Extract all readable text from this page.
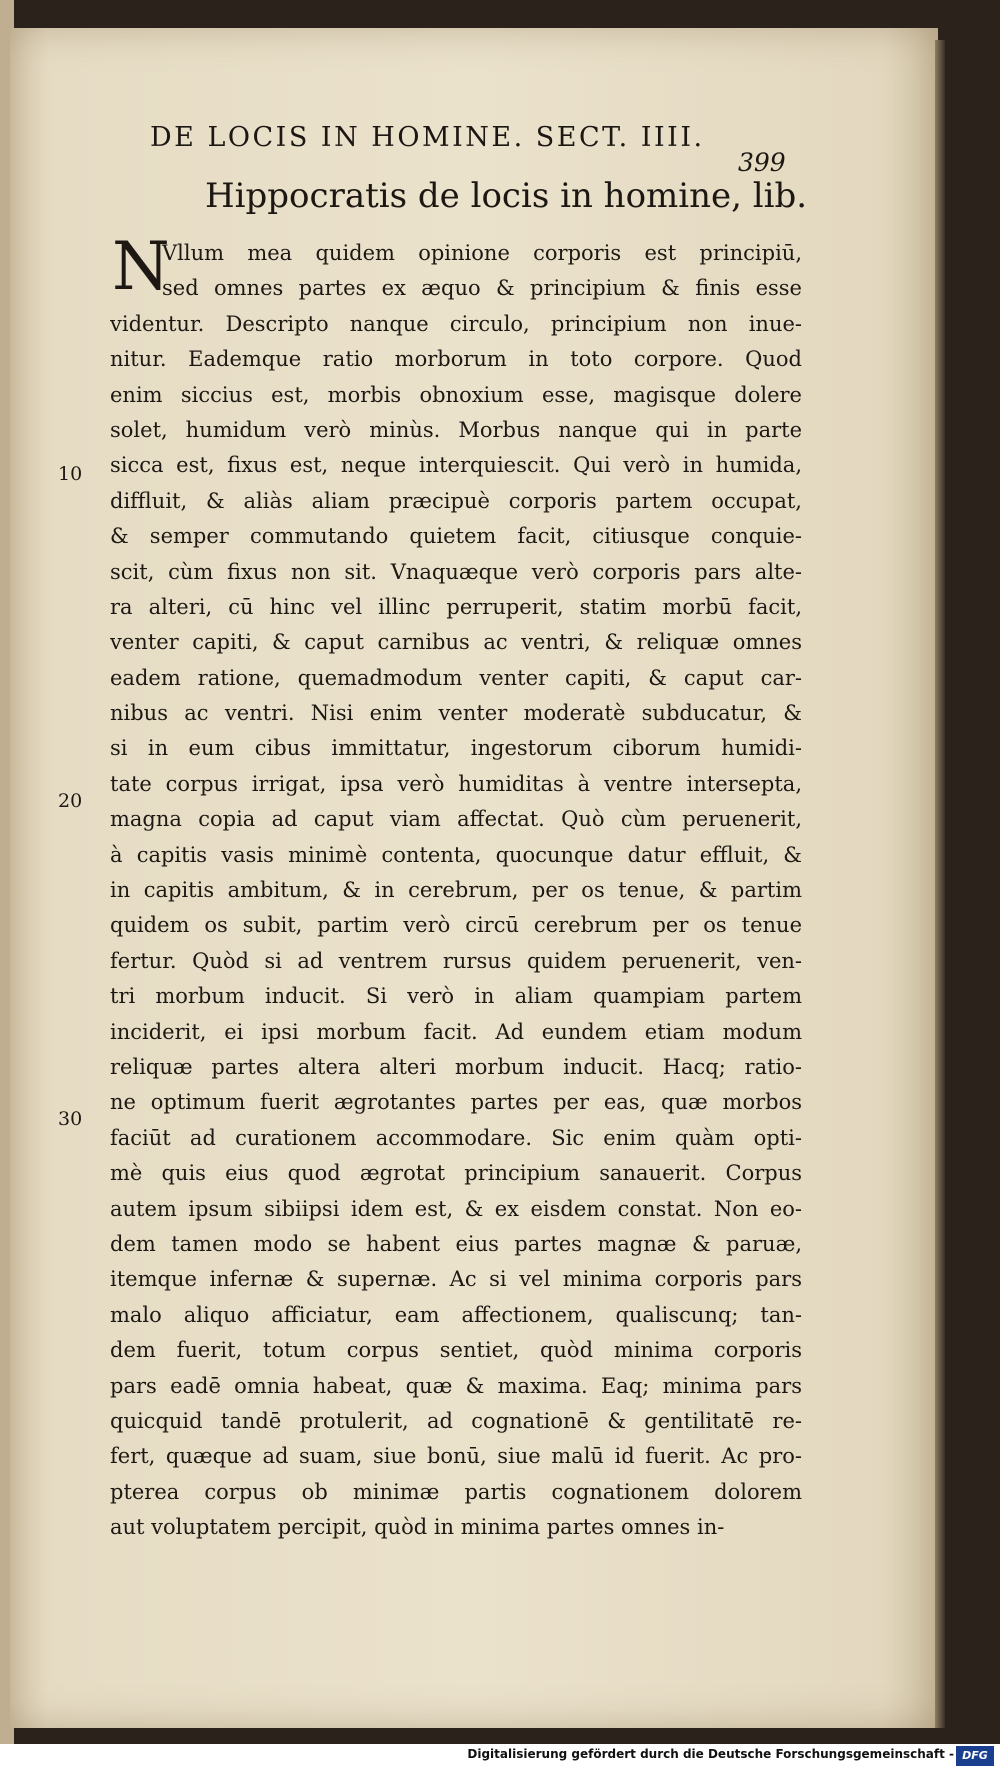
DE LOCIS IN HOMINE. SECT. IIII.
399
Hippocratis de locis in homine, lib.
N
Vllum mea quidem opinione corporis est principiū,
sed omnes partes ex æquo & principium & finis esse
videntur. Descripto nanque circulo, principium non inue-
nitur. Eademque ratio morborum in toto corpore. Quod
enim siccius est, morbis obnoxium esse, magisque dolere
solet, humidum verò minùs. Morbus nanque qui in parte
sicca est, fixus est, neque interquiescit. Qui verò in humida,
diffluit, & aliàs aliam præcipuè corporis partem occupat,
& semper commutando quietem facit, citiusque conquie-
scit, cùm fixus non sit. Vnaquæque verò corporis pars alte-
ra alteri, cū hinc vel illinc perruperit, statim morbū facit,
venter capiti, & caput carnibus ac ventri, & reliquæ omnes
eadem ratione, quemadmodum venter capiti, & caput car-
nibus ac ventri. Nisi enim venter moderatè subducatur, &
si in eum cibus immittatur, ingestorum ciborum humidi-
tate corpus irrigat, ipsa verò humiditas à ventre intersepta,
magna copia ad caput viam affectat. Quò cùm peruenerit,
à capitis vasis minimè contenta, quocunque datur effluit, &
in capitis ambitum, & in cerebrum, per os tenue, & partim
quidem os subit, partim verò circū cerebrum per os tenue
fertur. Quòd si ad ventrem rursus quidem peruenerit, ven-
tri morbum inducit. Si verò in aliam quampiam partem
inciderit, ei ipsi morbum facit. Ad eundem etiam modum
reliquæ partes altera alteri morbum inducit. Hacq; ratio-
ne optimum fuerit ægrotantes partes per eas, quæ morbos
faciūt ad curationem accommodare. Sic enim quàm opti-
mè quis eius quod ægrotat principium sanauerit. Corpus
autem ipsum sibiipsi idem est, & ex eisdem constat. Non eo-
dem tamen modo se habent eius partes magnæ & paruæ,
itemque infernæ & supernæ. Ac si vel minima corporis pars
malo aliquo afficiatur, eam affectionem, qualiscunq; tan-
dem fuerit, totum corpus sentiet, quòd minima corporis
pars eadē omnia habeat, quæ & maxima. Eaq; minima pars
quicquid tandē protulerit, ad cognationē & gentilitatē re-
fert, quæque ad suam, siue bonū, siue malū id fuerit. Ac pro-
pterea corpus ob minimæ partis cognationem dolorem
aut voluptatem percipit, quòd in minima partes omnes in-
10
20
30
Digitalisierung gefördert durch die Deutsche Forschungsgemeinschaft - DFG
